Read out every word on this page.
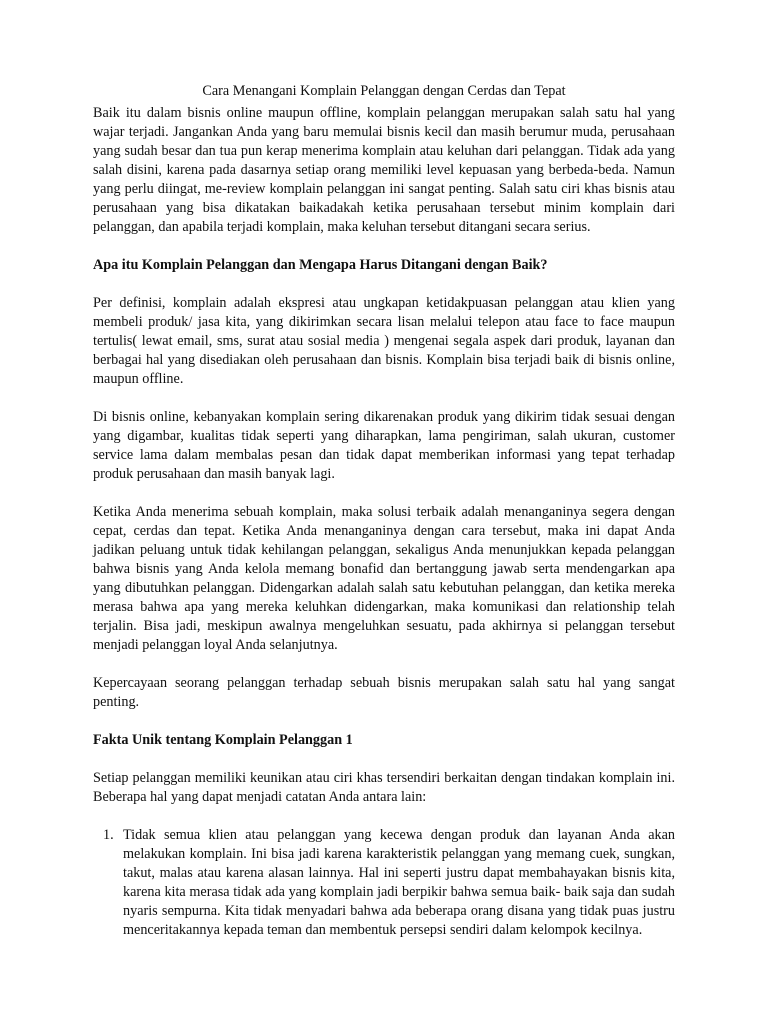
Cara Menangani Komplain Pelanggan dengan Cerdas dan Tepat

Baik itu dalam bisnis online maupun offline, komplain pelanggan merupakan salah satu hal yang wajar terjadi. Jangankan Anda yang baru memulai bisnis kecil dan masih berumur muda, perusahaan yang sudah besar dan tua pun kerap menerima komplain atau keluhan dari pelanggan. Tidak ada yang salah disini, karena pada dasarnya setiap orang memiliki level kepuasan yang berbeda-beda. Namun yang perlu diingat, me-review komplain pelanggan ini sangat penting. Salah satu ciri khas bisnis atau perusahaan yang bisa dikatakan baikadakah ketika perusahaan tersebut minim komplain dari pelanggan, dan apabila terjadi komplain, maka keluhan tersebut ditangani secara serius.

Apa itu Komplain Pelanggan dan Mengapa Harus Ditangani dengan Baik?

Per definisi, komplain adalah ekspresi atau ungkapan ketidakpuasan pelanggan atau klien yang membeli produk/ jasa kita, yang dikirimkan secara lisan melalui telepon atau face to face maupun tertulis( lewat email, sms, surat atau sosial media ) mengenai segala aspek dari produk, layanan dan berbagai hal yang disediakan oleh perusahaan dan bisnis. Komplain bisa terjadi baik di bisnis online, maupun offline.

Di bisnis online, kebanyakan komplain sering dikarenakan produk yang dikirim tidak sesuai dengan yang digambar, kualitas tidak seperti yang diharapkan, lama pengiriman, salah ukuran, customer service lama dalam membalas pesan dan tidak dapat memberikan informasi yang tepat terhadap produk perusahaan dan masih banyak lagi.

Ketika Anda menerima sebuah komplain, maka solusi terbaik adalah menanganinya segera dengan cepat, cerdas dan tepat. Ketika Anda menanganinya dengan cara tersebut, maka ini dapat Anda jadikan peluang untuk tidak kehilangan pelanggan, sekaligus Anda menunjukkan kepada pelanggan bahwa bisnis yang Anda kelola memang bonafid dan bertanggung jawab serta mendengarkan apa yang dibutuhkan pelanggan. Didengarkan adalah salah satu kebutuhan pelanggan, dan ketika mereka merasa bahwa apa yang mereka keluhkan didengarkan, maka komunikasi dan relationship telah terjalin. Bisa jadi, meskipun awalnya mengeluhkan sesuatu, pada akhirnya si pelanggan tersebut menjadi pelanggan loyal Anda selanjutnya.

Kepercayaan seorang pelanggan terhadap sebuah bisnis merupakan salah satu hal yang sangat penting.

Fakta Unik tentang Komplain Pelanggan 1

Setiap pelanggan memiliki keunikan atau ciri khas tersendiri berkaitan dengan tindakan komplain ini. Beberapa hal yang dapat menjadi catatan Anda antara lain:

1. Tidak semua klien atau pelanggan yang kecewa dengan produk dan layanan Anda akan melakukan komplain. Ini bisa jadi karena karakteristik pelanggan yang memang cuek, sungkan, takut, malas atau karena alasan lainnya. Hal ini seperti justru dapat membahayakan bisnis kita, karena kita merasa tidak ada yang komplain jadi berpikir bahwa semua baik- baik saja dan sudah nyaris sempurna. Kita tidak menyadari bahwa ada beberapa orang disana yang tidak puas justru menceritakannya kepada teman dan membentuk persepsi sendiri dalam kelompok kecilnya.
